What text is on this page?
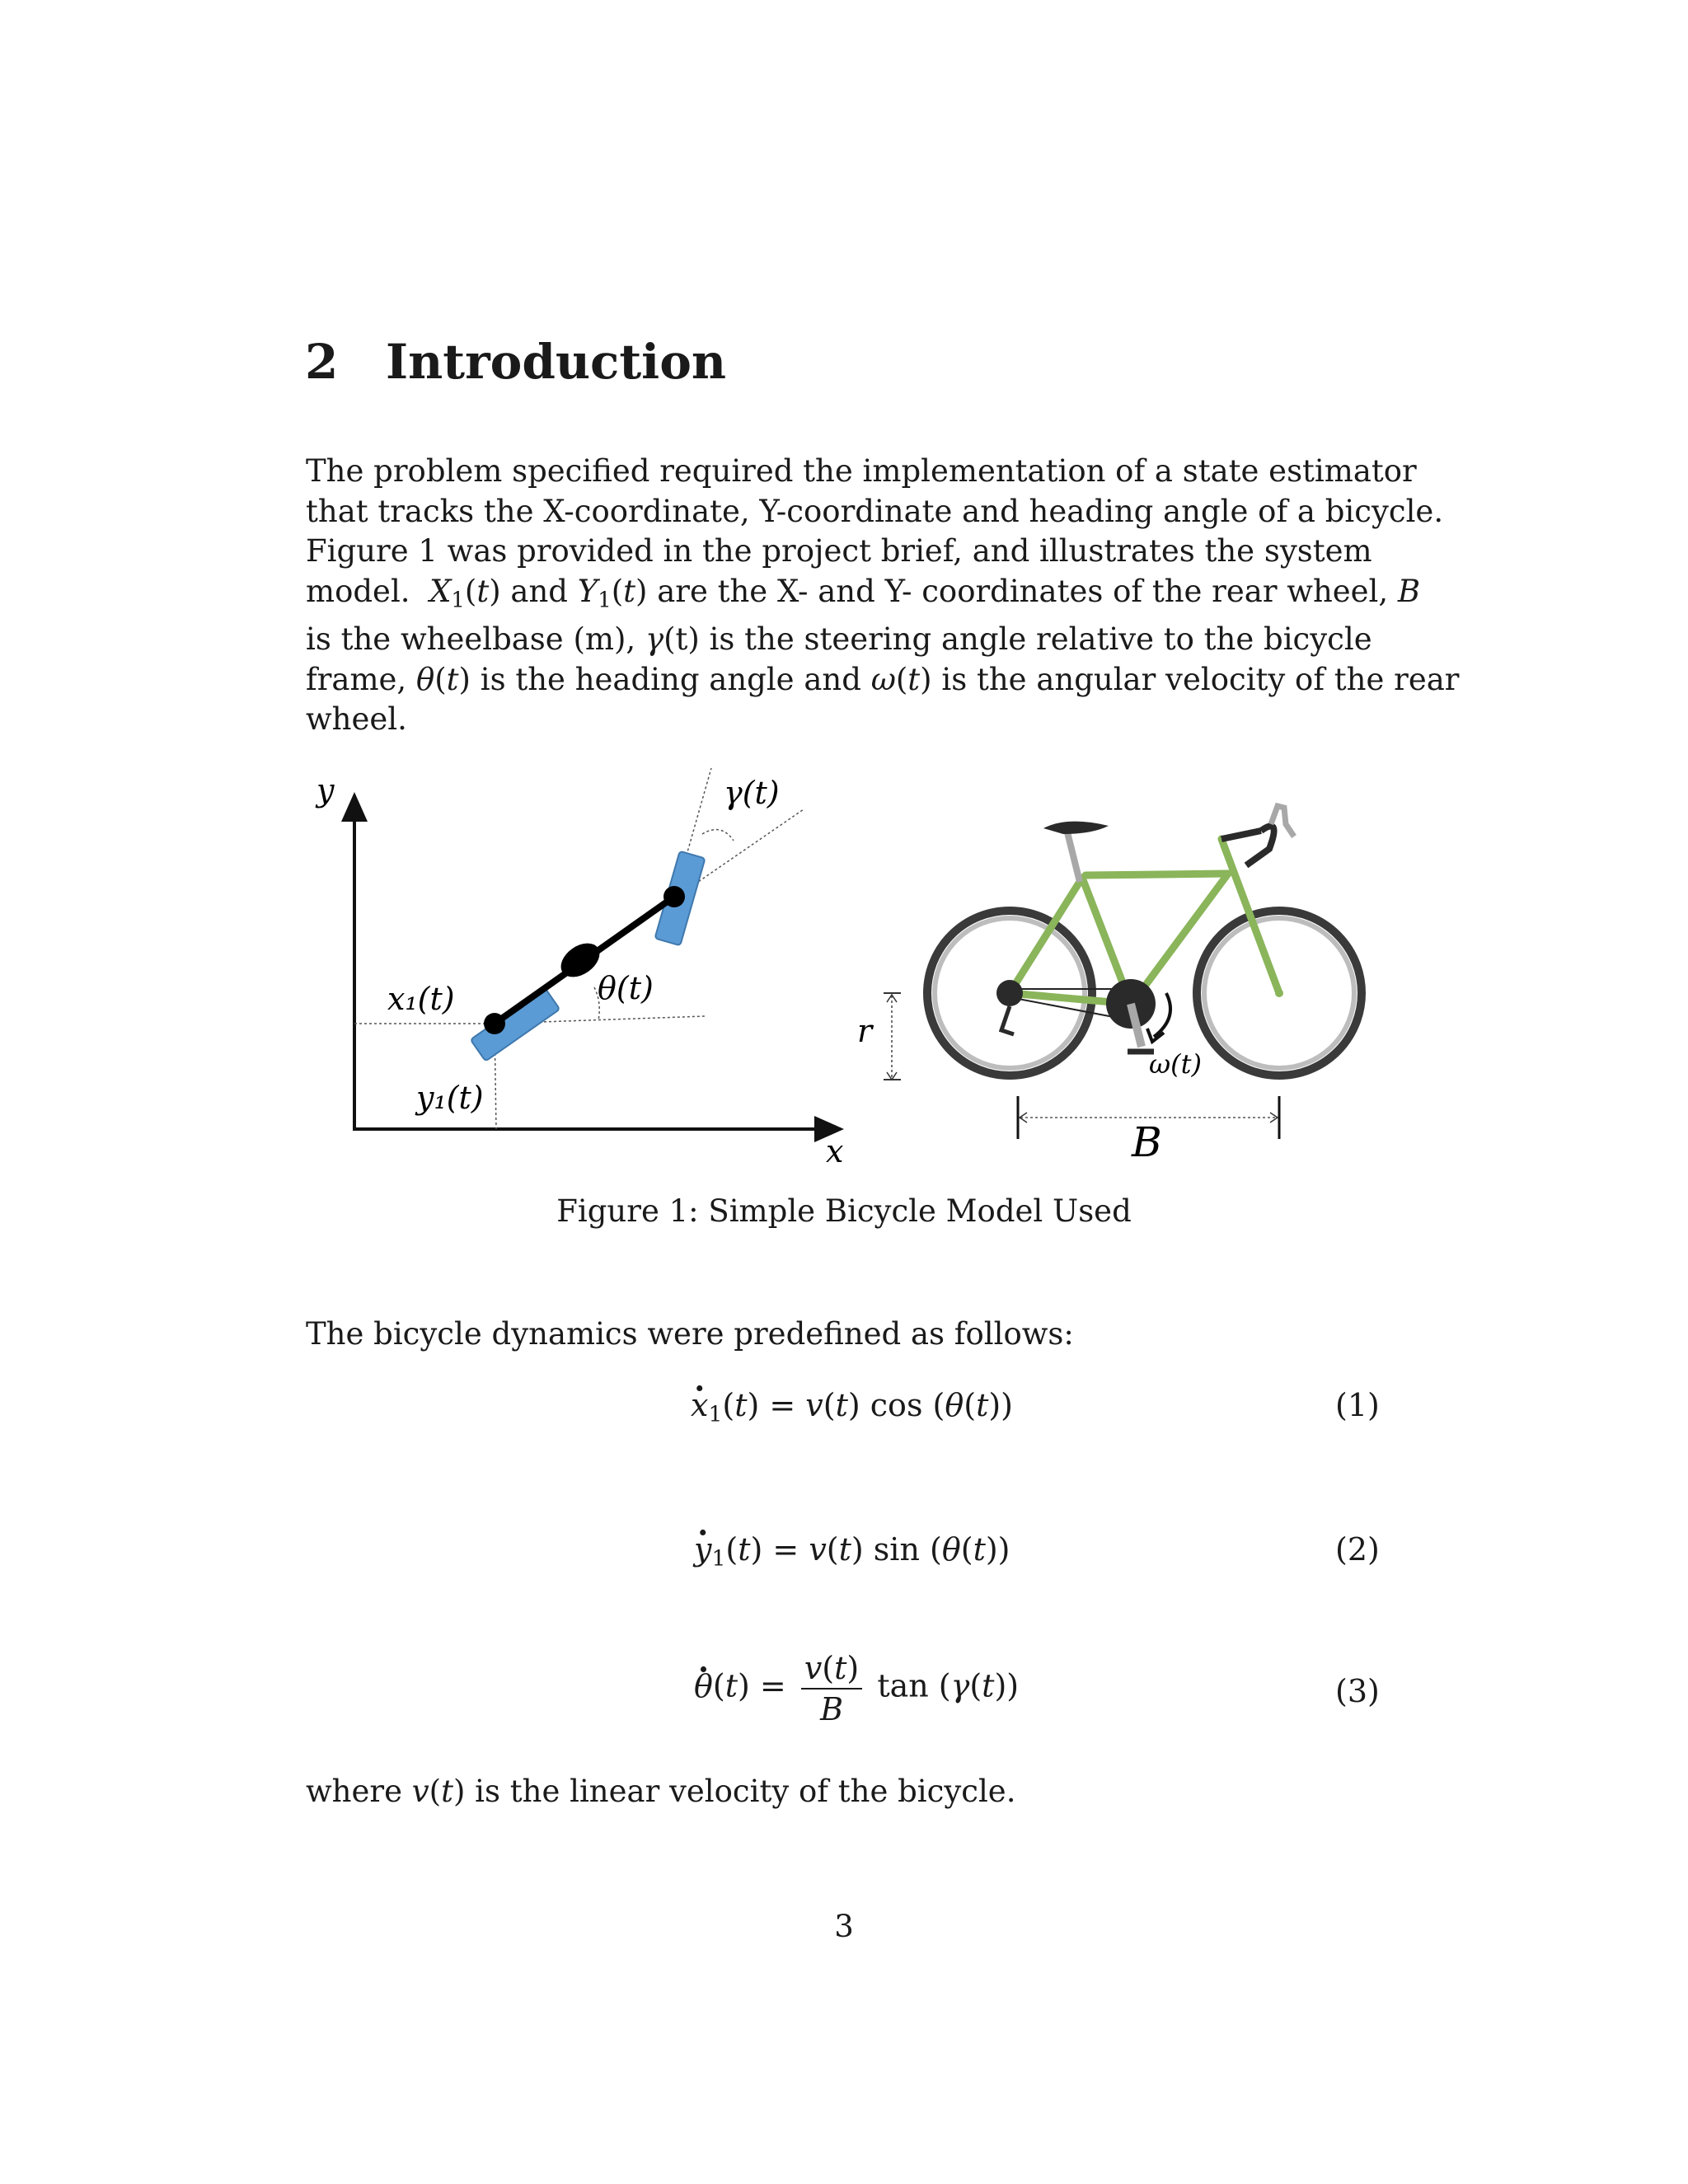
2 Introduction
The problem specified required the implementation of a state estimator
that tracks the X-coordinate, Y-coordinate and heading angle of a bicycle.
Figure 1 was provided in the project brief, and illustrates the system
model. $X_1(t)$ and $Y_1(t)$ are the X- and Y- coordinates of the rear wheel, B
is the wheelbase (m), γ(t) is the steering angle relative to the bicycle
frame, θ(t) is the heading angle and ω(t) is the angular velocity of the rear
wheel.
y
x
γ(t)
θ(t)
x₁(t)
y₁(t)
r
ω(t)
B
Figure 1: Simple Bicycle Model Used
The bicycle dynamics were predefined as follows:
$x \cdot_1(t) = v(t)$ cos (θ(t))	(1)
$y \cdot_1(t) = v(t)$ sin (θ(t))	(2)
$\theta \cdot(t) = \frac{v(t)}{B}$ tan (γ(t))	(3)
where v(t) is the linear velocity of the bicycle.
3
